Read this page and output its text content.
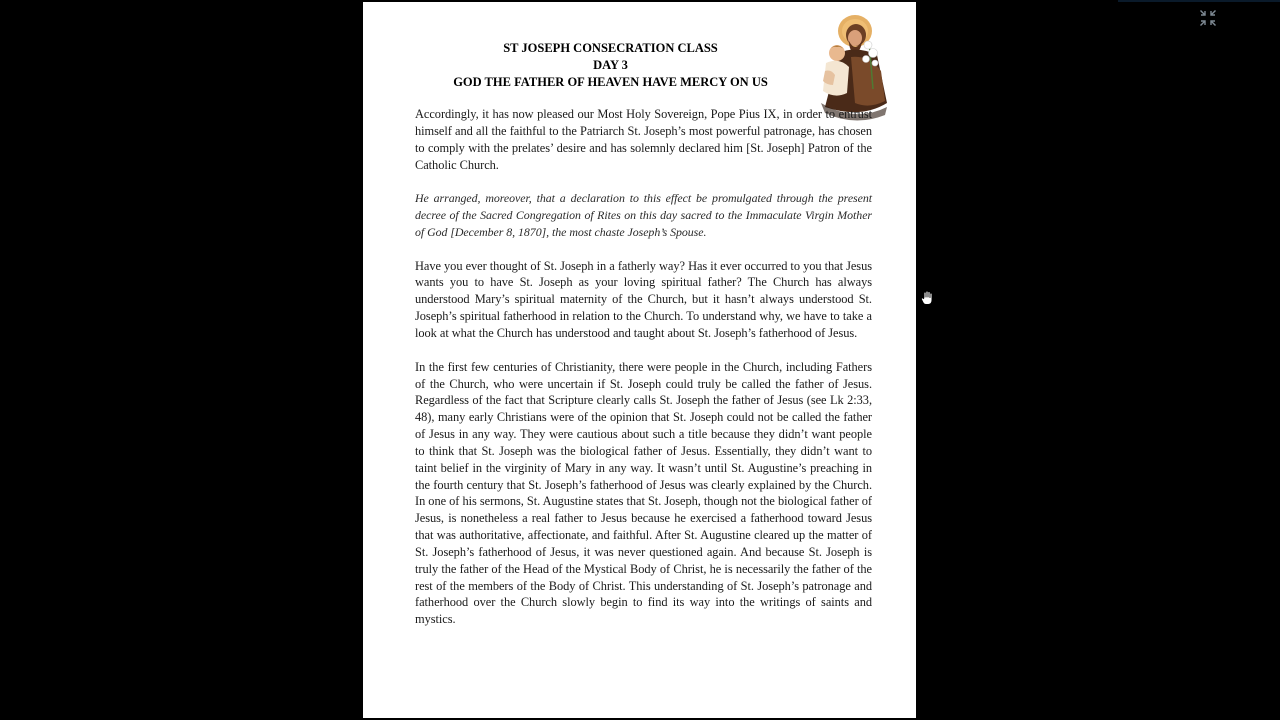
ST JOSEPH CONSECRATION CLASS
DAY 3
GOD THE FATHER OF HEAVEN HAVE MERCY ON US

Accordingly, it has now pleased our Most Holy Sovereign, Pope Pius IX, in order to entrust himself and all the faithful to the Patriarch St. Joseph’s most powerful patronage, has chosen to comply with the prelates’ desire and has solemnly declared him [St. Joseph] Patron of the Catholic Church.

He arranged, moreover, that a declaration to this effect be promulgated through the present decree of the Sacred Congregation of Rites on this day sacred to the Immaculate Virgin Mother of God [December 8, 1870], the most chaste Joseph’s Spouse.

Have you ever thought of St. Joseph in a fatherly way? Has it ever occurred to you that Jesus wants you to have St. Joseph as your loving spiritual father? The Church has always understood Mary’s spiritual maternity of the Church, but it hasn’t always understood St. Joseph’s spiritual fatherhood in relation to the Church. To understand why, we have to take a look at what the Church has understood and taught about St. Joseph’s fatherhood of Jesus.

In the first few centuries of Christianity, there were people in the Church, including Fathers of the Church, who were uncertain if St. Joseph could truly be called the father of Jesus. Regardless of the fact that Scripture clearly calls St. Joseph the father of Jesus (see Lk 2:33, 48), many early Christians were of the opinion that St. Joseph could not be called the father of Jesus in any way. They were cautious about such a title because they didn’t want people to think that St. Joseph was the biological father of Jesus. Essentially, they didn’t want to taint belief in the virginity of Mary in any way. It wasn’t until St. Augustine’s preaching in the fourth century that St. Joseph’s fatherhood of Jesus was clearly explained by the Church. In one of his sermons, St. Augustine states that St. Joseph, though not the biological father of Jesus, is nonetheless a real father to Jesus because he exercised a fatherhood toward Jesus that was authoritative, affectionate, and faithful. After St. Augustine cleared up the matter of St. Joseph’s fatherhood of Jesus, it was never questioned again. And because St. Joseph is truly the father of the Head of the Mystical Body of Christ, he is necessarily the father of the rest of the members of the Body of Christ. This understanding of St. Joseph’s patronage and fatherhood over the Church slowly begin to find its way into the writings of saints and mystics.
